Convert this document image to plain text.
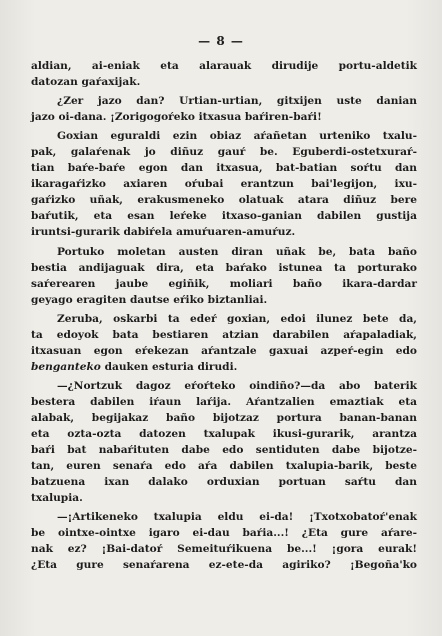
— 8 —
aldian, ai-eniak eta alarauak dirudije portu-aldetik
datozan gaŕaxijak.
¿Zer jazo dan? Urtian-urtian, gitxijen uste danian
jazo oi-dana. ¡Zorigogoŕeko itxasua baŕiren-baŕi!
Goxian eguraldi ezin obiaz aŕañetan urteniko txalu-
pak, galaŕenak jo diñuz gauŕ be. Eguberdi-ostetxuraŕ-
tian baŕe-baŕe egon dan itxasua, bat-batian soŕtu dan
ikaragaŕizko axiaren oŕubai erantzun bai'legijon, ixu-
gaŕizko uñak, erakusmeneko olatuak atara diñuz bere
baŕutik, eta esan leŕeke itxaso-ganian dabilen gustija
iruntsi-gurarik dabiŕela amuŕuaren-amuŕuz.
Portuko moletan austen diran uñak be, bata baño
bestia andijaguak dira, eta baŕako istunea ta porturako
saŕerearen jaube egiñik, moliari baño ikara-dardar
geyago eragiten dautse eŕiko biztanliai.
Zeruba, oskarbi ta edeŕ goxian, edoi ilunez bete da,
ta edoyok bata bestiaren atzian darabilen aŕapaladiak,
itxasuan egon eŕekezan aŕantzale gaxuai azpeŕ-egin edo
benganteko dauken esturia dirudi.
—¿Nortzuk dagoz eŕoŕteko oindiño?—da abo baterik
bestera dabilen iŕaun laŕija. Aŕantzalien emaztiak eta
alabak, begijakaz baño bijotzaz portura banan-banan
eta ozta-ozta datozen txalupak ikusi-gurarik, arantza
baŕi bat nabaŕituten dabe edo sentiduten dabe bijotze-
tan, euren senaŕa edo aŕa dabilen txalupia-barik, beste
batzuena ixan dalako orduxian portuan saŕtu dan
txalupia.
—¡Artikeneko txalupia eldu ei-da! ¡Txotxobatoŕ'enak
be ointxe-ointxe igaro ei-dau baŕia...! ¿Eta gure aŕare-
nak ez? ¡Bai-datoŕ Semeituŕikuena be...! ¡gora eurak!
¿Eta gure senaŕarena ez-ete-da agiriko? ¡Begoña'ko
